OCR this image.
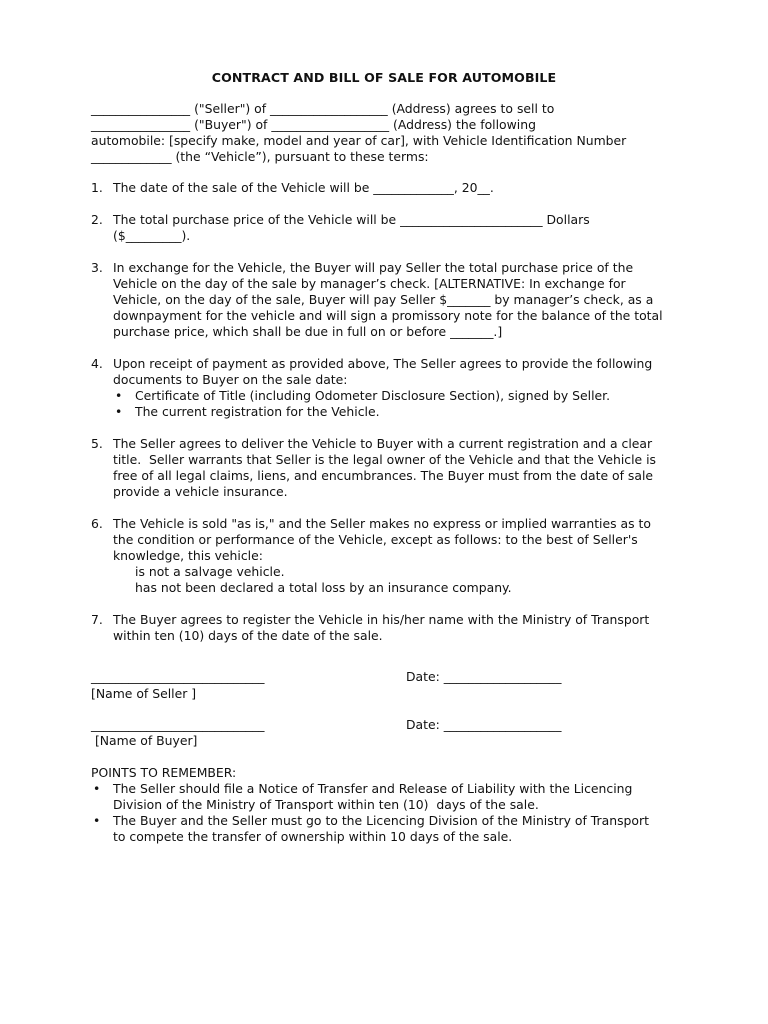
CONTRACT AND BILL OF SALE FOR AUTOMOBILE
________________ ("Seller") of ___________________ (Address) agrees to sell to
________________ ("Buyer") of ___________________ (Address) the following
automobile: [specify make, model and year of car], with Vehicle Identification Number
_____________ (the “Vehicle”), pursuant to these terms:
1. The date of the sale of the Vehicle will be _____________, 20__.
2. The total purchase price of the Vehicle will be _______________________ Dollars
($_________).
3. In exchange for the Vehicle, the Buyer will pay Seller the total purchase price of the
Vehicle on the day of the sale by manager’s check. [ALTERNATIVE: In exchange for
Vehicle, on the day of the sale, Buyer will pay Seller $_______ by manager’s check, as a
downpayment for the vehicle and will sign a promissory note for the balance of the total
purchase price, which shall be due in full on or before _______.]
4. Upon receipt of payment as provided above, The Seller agrees to provide the following
documents to Buyer on the sale date:
• Certificate of Title (including Odometer Disclosure Section), signed by Seller.
• The current registration for the Vehicle.
5. The Seller agrees to deliver the Vehicle to Buyer with a current registration and a clear
title.  Seller warrants that Seller is the legal owner of the Vehicle and that the Vehicle is
free of all legal claims, liens, and encumbrances. The Buyer must from the date of sale
provide a vehicle insurance.
6. The Vehicle is sold "as is," and the Seller makes no express or implied warranties as to
the condition or performance of the Vehicle, except as follows: to the best of Seller's
knowledge, this vehicle:
is not a salvage vehicle.
has not been declared a total loss by an insurance company.
7. The Buyer agrees to register the Vehicle in his/her name with the Ministry of Transport
within ten (10) days of the date of the sale.
____________________________
[Name of Seller ]
Date: ___________________
____________________________
[Name of Buyer]
Date: ___________________
POINTS TO REMEMBER:
• The Seller should file a Notice of Transfer and Release of Liability with the Licencing
Division of the Ministry of Transport within ten (10)  days of the sale.
• The Buyer and the Seller must go to the Licencing Division of the Ministry of Transport
to compete the transfer of ownership within 10 days of the sale.
